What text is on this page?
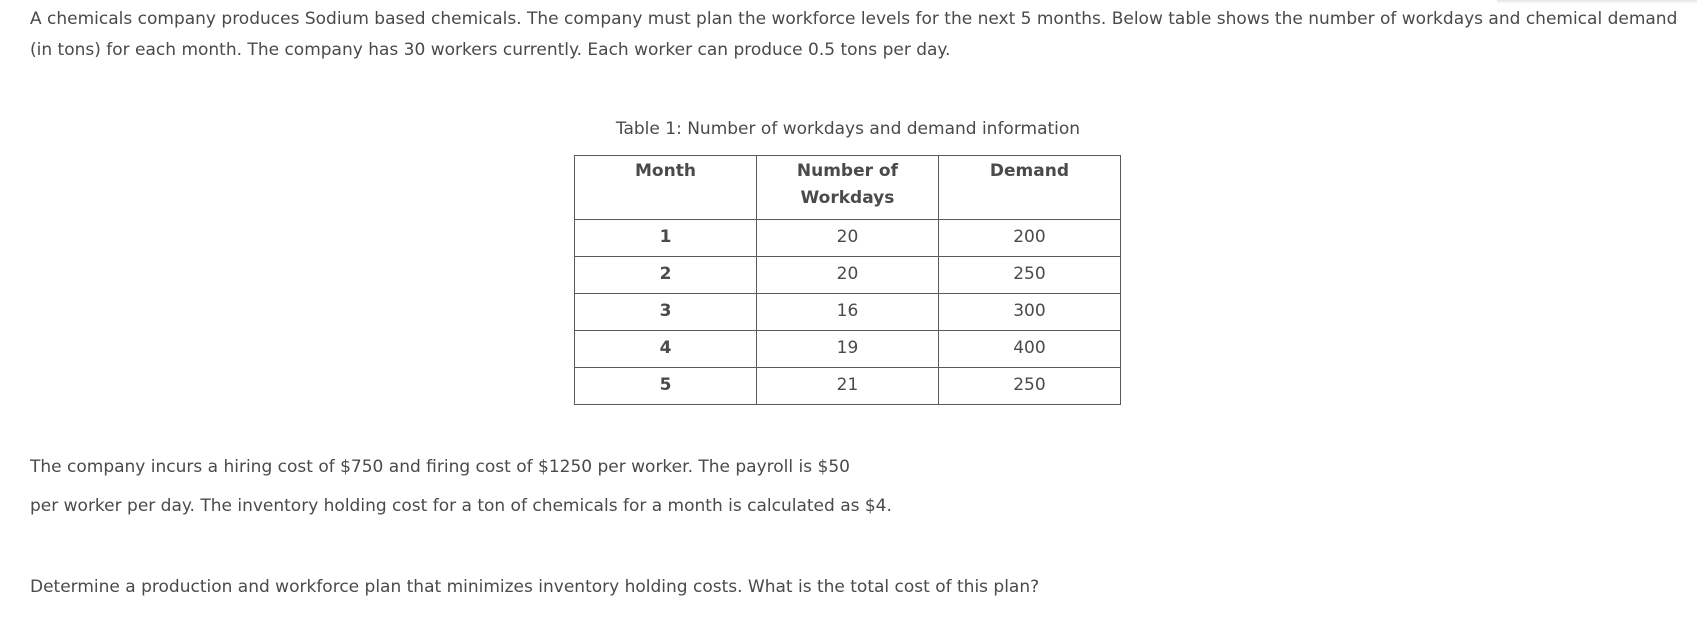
A chemicals company produces Sodium based chemicals. The company must plan the workforce levels for the next 5 months. Below table shows the number of workdays and chemical demand (in tons) for each month. The company has 30 workers currently. Each worker can produce 0.5 tons per day.

Table 1: Number of workdays and demand information
Month	Number of Workdays	Demand
1	20	200
2	20	250
3	16	300
4	19	400
5	21	250

The company incurs a hiring cost of $750 and firing cost of $1250 per worker. The payroll is $50

per worker per day. The inventory holding cost for a ton of chemicals for a month is calculated as $4.

Determine a production and workforce plan that minimizes inventory holding costs. What is the total cost of this plan?
